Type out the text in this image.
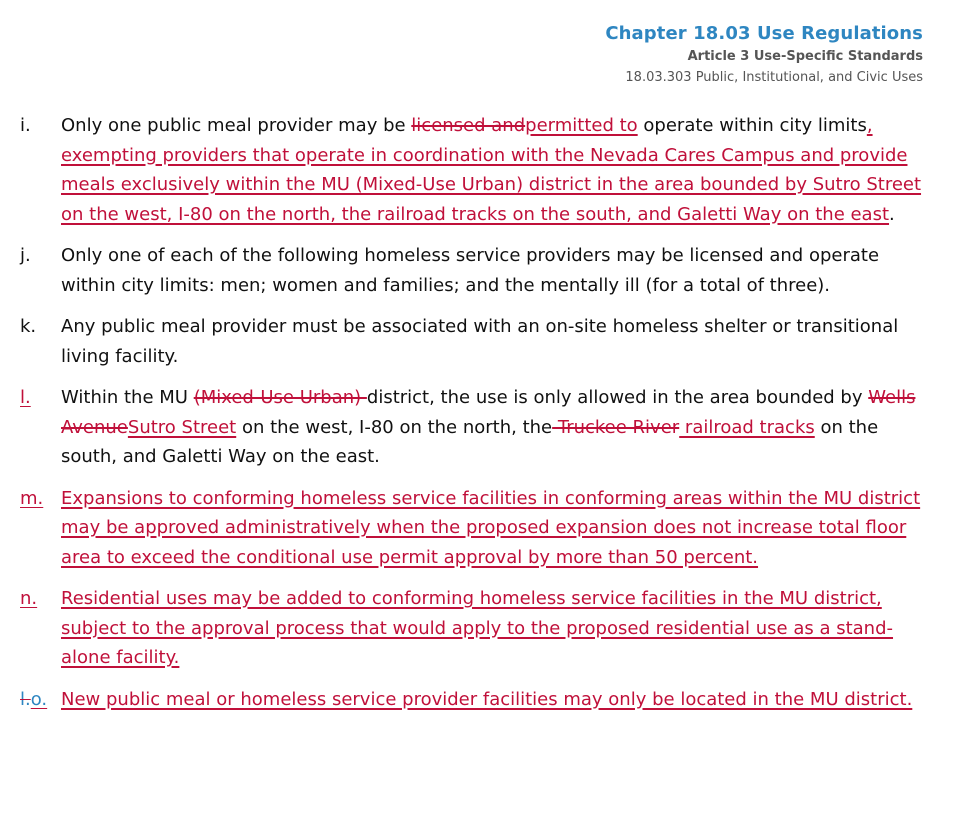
Chapter 18.03 Use Regulations
Article 3 Use-Specific Standards
18.03.303 Public, Institutional, and Civic Uses
i.	Only one public meal provider may be licensed andpermitted to operate within city limits, exempting providers that operate in coordination with the Nevada Cares Campus and provide meals exclusively within the MU (Mixed-Use Urban) district in the area bounded by Sutro Street on the west, I-80 on the north, the railroad tracks on the south, and Galetti Way on the east.
j.	Only one of each of the following homeless service providers may be licensed and operate within city limits: men; women and families; and the mentally ill (for a total of three).
k.	Any public meal provider must be associated with an on-site homeless shelter or transitional living facility.
l.	Within the MU (Mixed-Use Urban) district, the use is only allowed in the area bounded by Wells AvenueSutro Street on the west, I-80 on the north, the Truckee River railroad tracks on the south, and Galetti Way on the east.
m. Expansions to conforming homeless service facilities in conforming areas within the MU district may be approved administratively when the proposed expansion does not increase total floor area to exceed the conditional use permit approval by more than 50 percent.
n.	Residential uses may be added to conforming homeless service facilities in the MU district, subject to the approval process that would apply to the proposed residential use as a stand-alone facility.
l.o. New public meal or homeless service provider facilities may only be located in the MU district.
